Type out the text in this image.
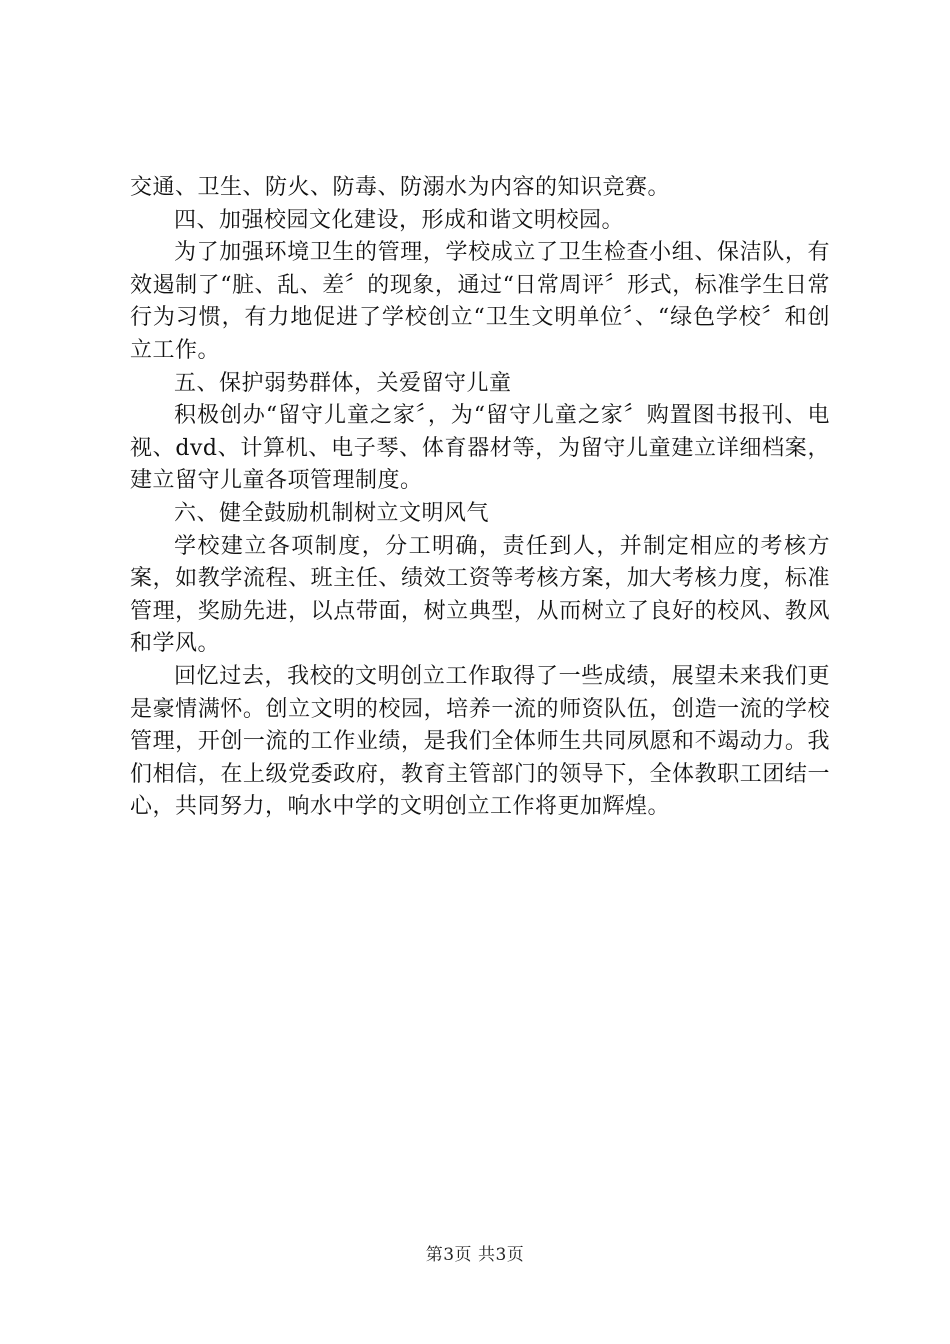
交通、卫生、防火、防毒、防溺水为内容的知识竞赛。

四、加强校园文化建设，形成和谐文明校园。

为了加强环境卫生的管理，学校成立了卫生检查小组、保洁队，有效遏制了“脏、乱、差〞的现象，通过“日常周评〞形式，标准学生日常行为习惯，有力地促进了学校创立“卫生文明单位〞、“绿色学校〞和创立工作。

五、保护弱势群体，关爱留守儿童

积极创办“留守儿童之家〞，为“留守儿童之家〞购置图书报刊、电视、dvd、计算机、电子琴、体育器材等，为留守儿童建立详细档案，建立留守儿童各项管理制度。

六、健全鼓励机制树立文明风气

学校建立各项制度，分工明确，责任到人，并制定相应的考核方案，如教学流程、班主任、绩效工资等考核方案，加大考核力度，标准管理，奖励先进，以点带面，树立典型，从而树立了良好的校风、教风和学风。

回忆过去，我校的文明创立工作取得了一些成绩，展望未来我们更是豪情满怀。创立文明的校园，培养一流的师资队伍，创造一流的学校管理，开创一流的工作业绩，是我们全体师生共同夙愿和不竭动力。我们相信，在上级党委政府，教育主管部门的领导下，全体教职工团结一心，共同努力，响水中学的文明创立工作将更加辉煌。

第3页 共3页
